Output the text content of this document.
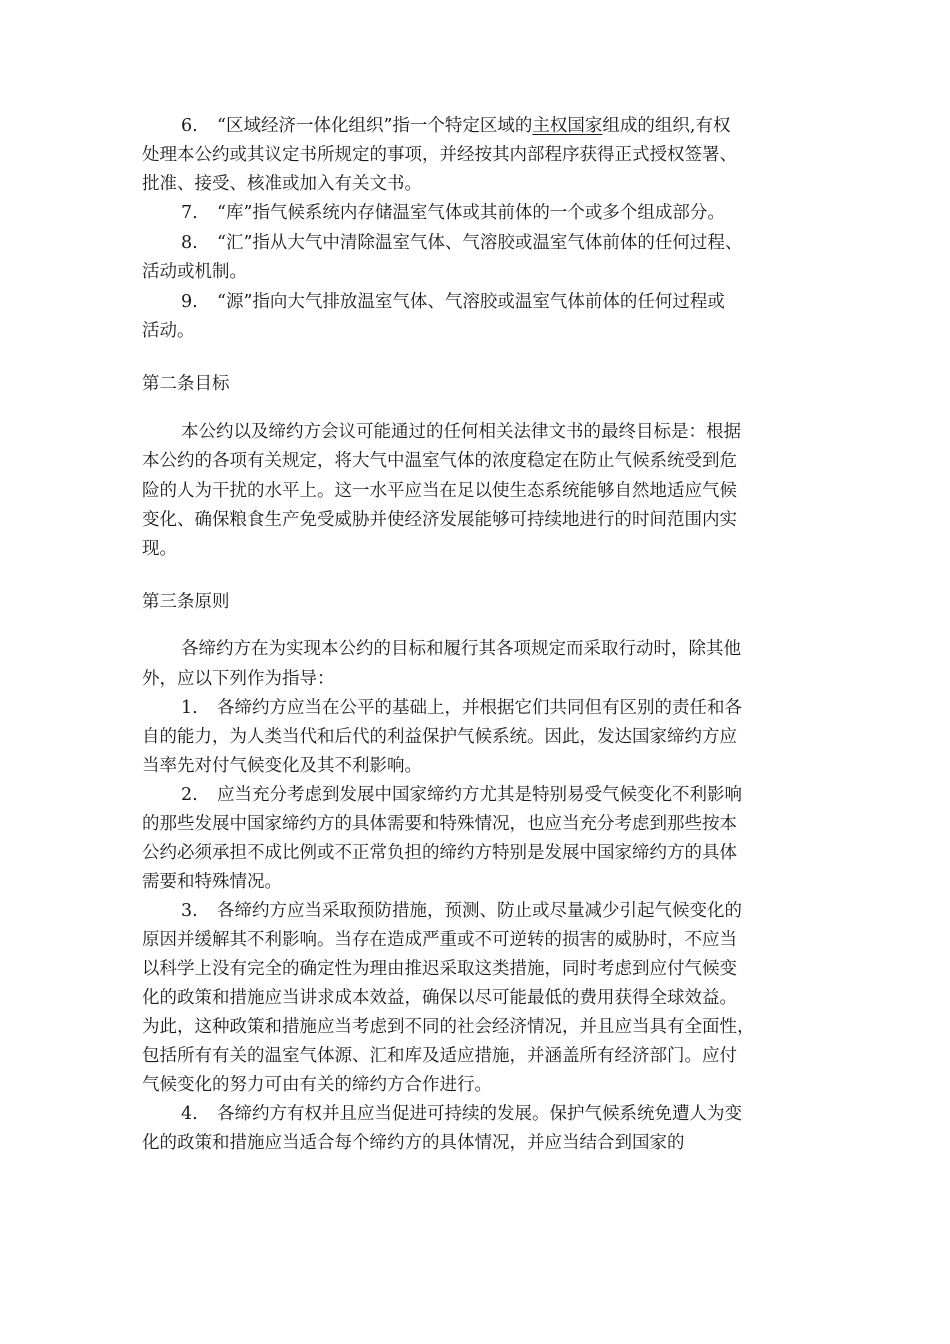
6. “区域经济一体化组织”指一个特定区域的主权国家组成的组织,有权
处理本公约或其议定书所规定的事项，并经按其内部程序获得正式授权签署、
批准、接受、核准或加入有关文书。
7. “库”指气候系统内存储温室气体或其前体的一个或多个组成部分。
8. “汇”指从大气中清除温室气体、气溶胶或温室气体前体的任何过程、
活动或机制。
9. “源”指向大气排放温室气体、气溶胶或温室气体前体的任何过程或
活动。
第二条目标
本公约以及缔约方会议可能通过的任何相关法律文书的最终目标是：根据
本公约的各项有关规定，将大气中温室气体的浓度稳定在防止气候系统受到危
险的人为干扰的水平上。这一水平应当在足以使生态系统能够自然地适应气候
变化、确保粮食生产免受威胁并使经济发展能够可持续地进行的时间范围内实
现。
第三条原则
各缔约方在为实现本公约的目标和履行其各项规定而采取行动时，除其他
外，应以下列作为指导：
1. 各缔约方应当在公平的基础上，并根据它们共同但有区别的责任和各
自的能力，为人类当代和后代的利益保护气候系统。因此，发达国家缔约方应
当率先对付气候变化及其不利影响。
2. 应当充分考虑到发展中国家缔约方尤其是特别易受气候变化不利影响
的那些发展中国家缔约方的具体需要和特殊情况，也应当充分考虑到那些按本
公约必须承担不成比例或不正常负担的缔约方特别是发展中国家缔约方的具体
需要和特殊情况。
3. 各缔约方应当采取预防措施，预测、防止或尽量减少引起气候变化的
原因并缓解其不利影响。当存在造成严重或不可逆转的损害的威胁时，不应当
以科学上没有完全的确定性为理由推迟采取这类措施，同时考虑到应付气候变
化的政策和措施应当讲求成本效益，确保以尽可能最低的费用获得全球效益。
为此，这种政策和措施应当考虑到不同的社会经济情况，并且应当具有全面性，
包括所有有关的温室气体源、汇和库及适应措施，并涵盖所有经济部门。应付
气候变化的努力可由有关的缔约方合作进行。
4. 各缔约方有权并且应当促进可持续的发展。保护气候系统免遭人为变
化的政策和措施应当适合每个缔约方的具体情况，并应当结合到国家的
